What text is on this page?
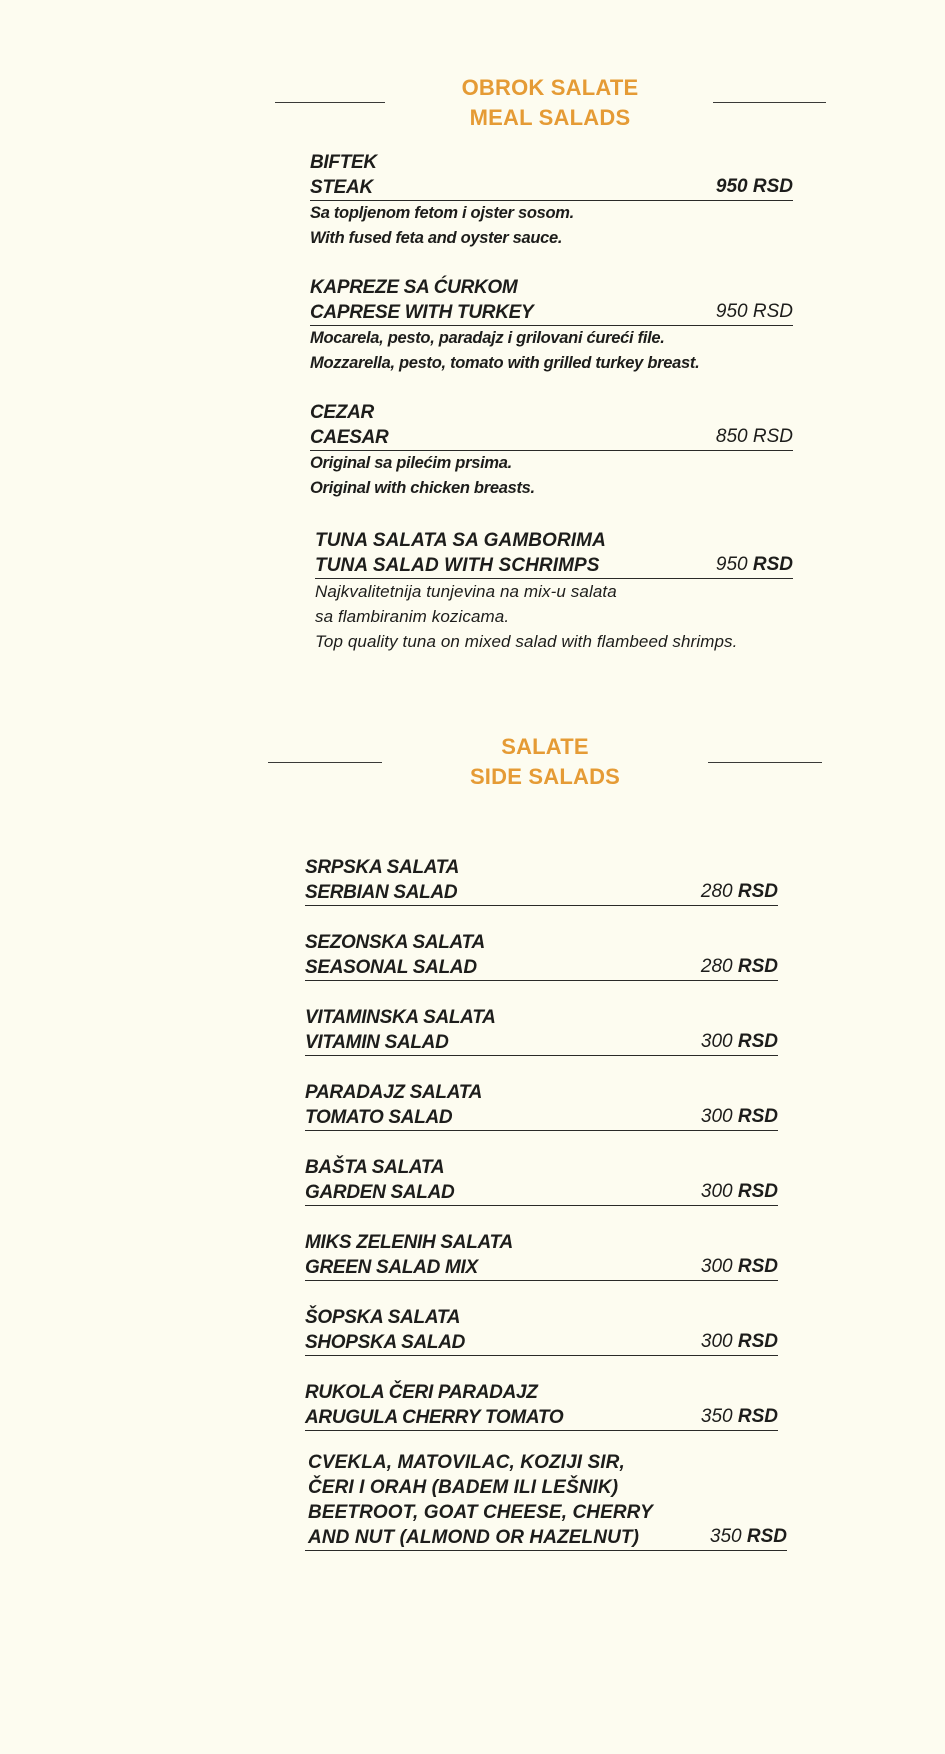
OBROK SALATE
MEAL SALADS
BIFTEK
STEAK	950 RSD
Sa topljenom fetom i ojster sosom.
With fused feta and oyster sauce.
KAPREZE SA ĆURKOM
CAPRESE WITH TURKEY	950 RSD
Mocarela, pesto, paradajz i grilovani ćureći file.
Mozzarella, pesto, tomato with grilled turkey breast.
CEZAR
CAESAR	850 RSD
Original sa pilećim prsima.
Original with chicken breasts.
TUNA SALATA SA GAMBORIMA
TUNA SALAD WITH SCHRIMPS	950 RSD
Najkvalitetnija tunjevina na mix-u salata
sa flambiranim kozicama.
Top quality tuna on mixed salad with flambeed shrimps.
SALATE
SIDE SALADS
SRPSKA SALATA
SERBIAN SALAD	280 RSD
SEZONSKA SALATA
SEASONAL SALAD	280 RSD
VITAMINSKA SALATA
VITAMIN SALAD	300 RSD
PARADAJZ SALATA
TOMATO SALAD	300 RSD
BAŠTA SALATA
GARDEN SALAD	300 RSD
MIKS ZELENIH SALATA
GREEN SALAD MIX	300 RSD
ŠOPSKA SALATA
SHOPSKA SALAD	300 RSD
RUKOLA ČERI PARADAJZ
ARUGULA CHERRY TOMATO	350 RSD
CVEKLA, MATOVILAC, KOZIJI SIR,
ČERI I ORAH (BADEM ILI LEŠNIK)
BEETROOT, GOAT CHEESE, CHERRY
AND NUT (ALMOND OR HAZELNUT)	350 RSD
